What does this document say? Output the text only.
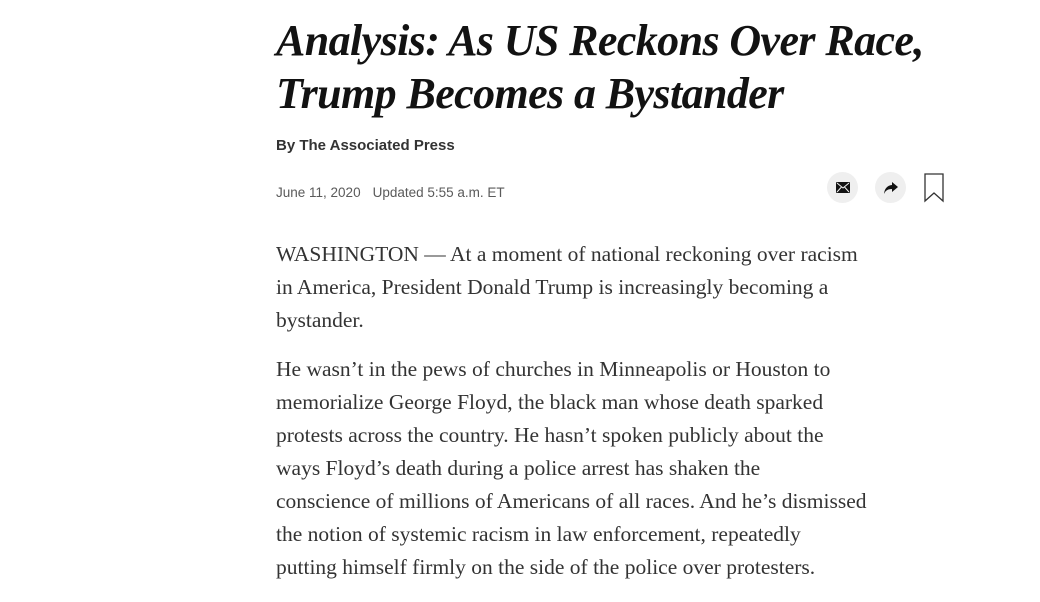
Analysis: As US Reckons Over Race,
Trump Becomes a Bystander
By The Associated Press
June 11, 2020 Updated 5:55 a.m. ET

WASHINGTON — At a moment of national reckoning over racism
in America, President Donald Trump is increasingly becoming a
bystander.

He wasn’t in the pews of churches in Minneapolis or Houston to
memorialize George Floyd, the black man whose death sparked
protests across the country. He hasn’t spoken publicly about the
ways Floyd’s death during a police arrest has shaken the
conscience of millions of Americans of all races. And he’s dismissed
the notion of systemic racism in law enforcement, repeatedly
putting himself firmly on the side of the police over protesters.
